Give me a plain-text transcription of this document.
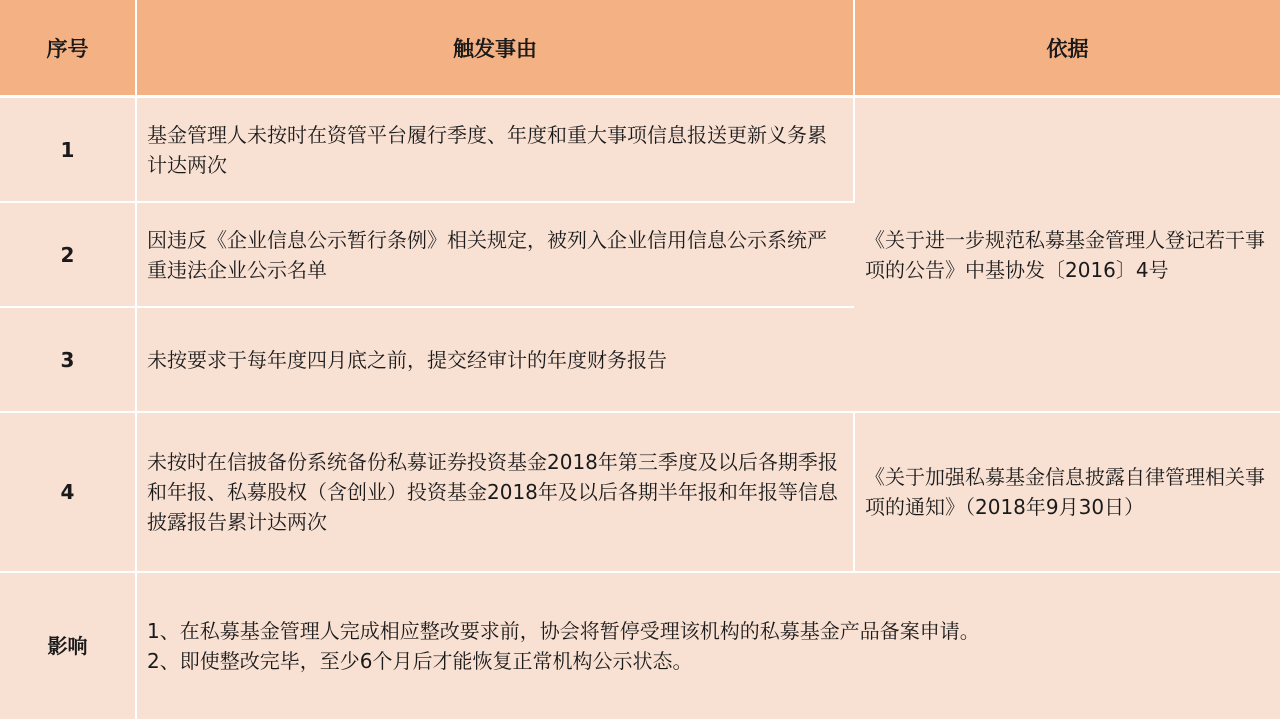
序号	触发事由	依据
1	基金管理人未按时在资管平台履行季度、年度和重大事项信息报送更新义务累计达两次	《关于进一步规范私募基金管理人登记若干事项的公告》中基协发〔2016〕4号
2	因违反《企业信息公示暂行条例》相关规定，被列入企业信用信息公示系统严重违法企业公示名单	
3	未按要求于每年度四月底之前，提交经审计的年度财务报告	
4	未按时在信披备份系统备份私募证券投资基金2018年第三季度及以后各期季报和年报、私募股权（含创业）投资基金2018年及以后各期半年报和年报等信息披露报告累计达两次	《关于加强私募基金信息披露自律管理相关事项的通知》（2018年9月30日）
影响	1、在私募基金管理人完成相应整改要求前，协会将暂停受理该机构的私募基金产品备案申请。
2、即使整改完毕，至少6个月后才能恢复正常机构公示状态。	
